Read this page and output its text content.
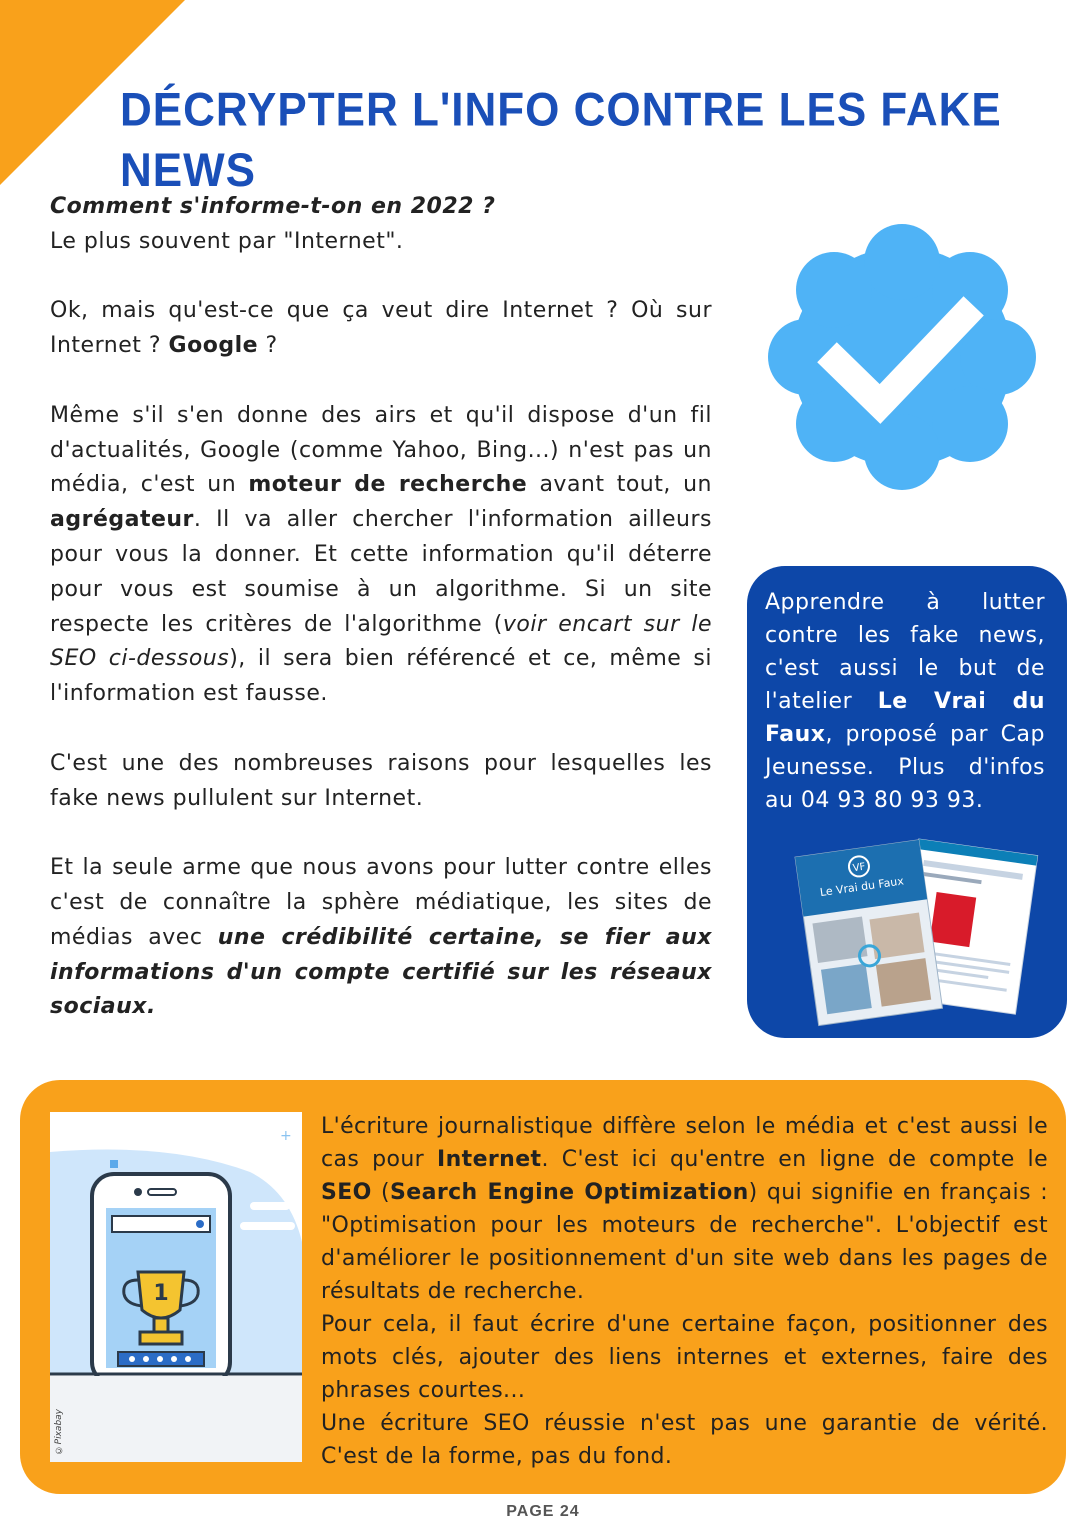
DÉCRYPTER L'INFO CONTRE LES FAKE NEWS

Comment s'informe-t-on en 2022 ?
Le plus souvent par "Internet".

Ok, mais qu'est-ce que ça veut dire Internet ? Où sur Internet ? Google ?

Même s'il s'en donne des airs et qu'il dispose d'un fil d'actualités, Google (comme Yahoo, Bing...) n'est pas un média, c'est un moteur de recherche avant tout, un agrégateur. Il va aller chercher l'information ailleurs pour vous la donner. Et cette information qu'il déterre pour vous est soumise à un algorithme. Si un site respecte les critères de l'algorithme (voir encart sur le SEO ci-dessous), il sera bien référencé et ce, même si l'information est fausse.

C'est une des nombreuses raisons pour lesquelles les fake news pullulent sur Internet.

Et la seule arme que nous avons pour lutter contre elles c'est de connaître la sphère médiatique, les sites de médias avec une crédibilité certaine, se fier aux informations d'un compte certifié sur les réseaux sociaux.

Apprendre à lutter contre les fake news, c'est aussi le but de l'atelier Le Vrai du Faux, proposé par Cap Jeunesse. Plus d'infos au 04 93 80 93 93.
VF
Le Vrai du Faux
+
1
©Pixabay

L'écriture journalistique diffère selon le média et c'est aussi le cas pour Internet. C'est ici qu'entre en ligne de compte le SEO (Search Engine Optimization) qui signifie en français : "Optimisation pour les moteurs de recherche". L'objectif est d'améliorer le positionnement d'un site web dans les pages de résultats de recherche.

Pour cela, il faut écrire d'une certaine façon, positionner des mots clés, ajouter des liens internes et externes, faire des phrases courtes...

Une écriture SEO réussie n'est pas une garantie de vérité. C'est de la forme, pas du fond.

PAGE 24
